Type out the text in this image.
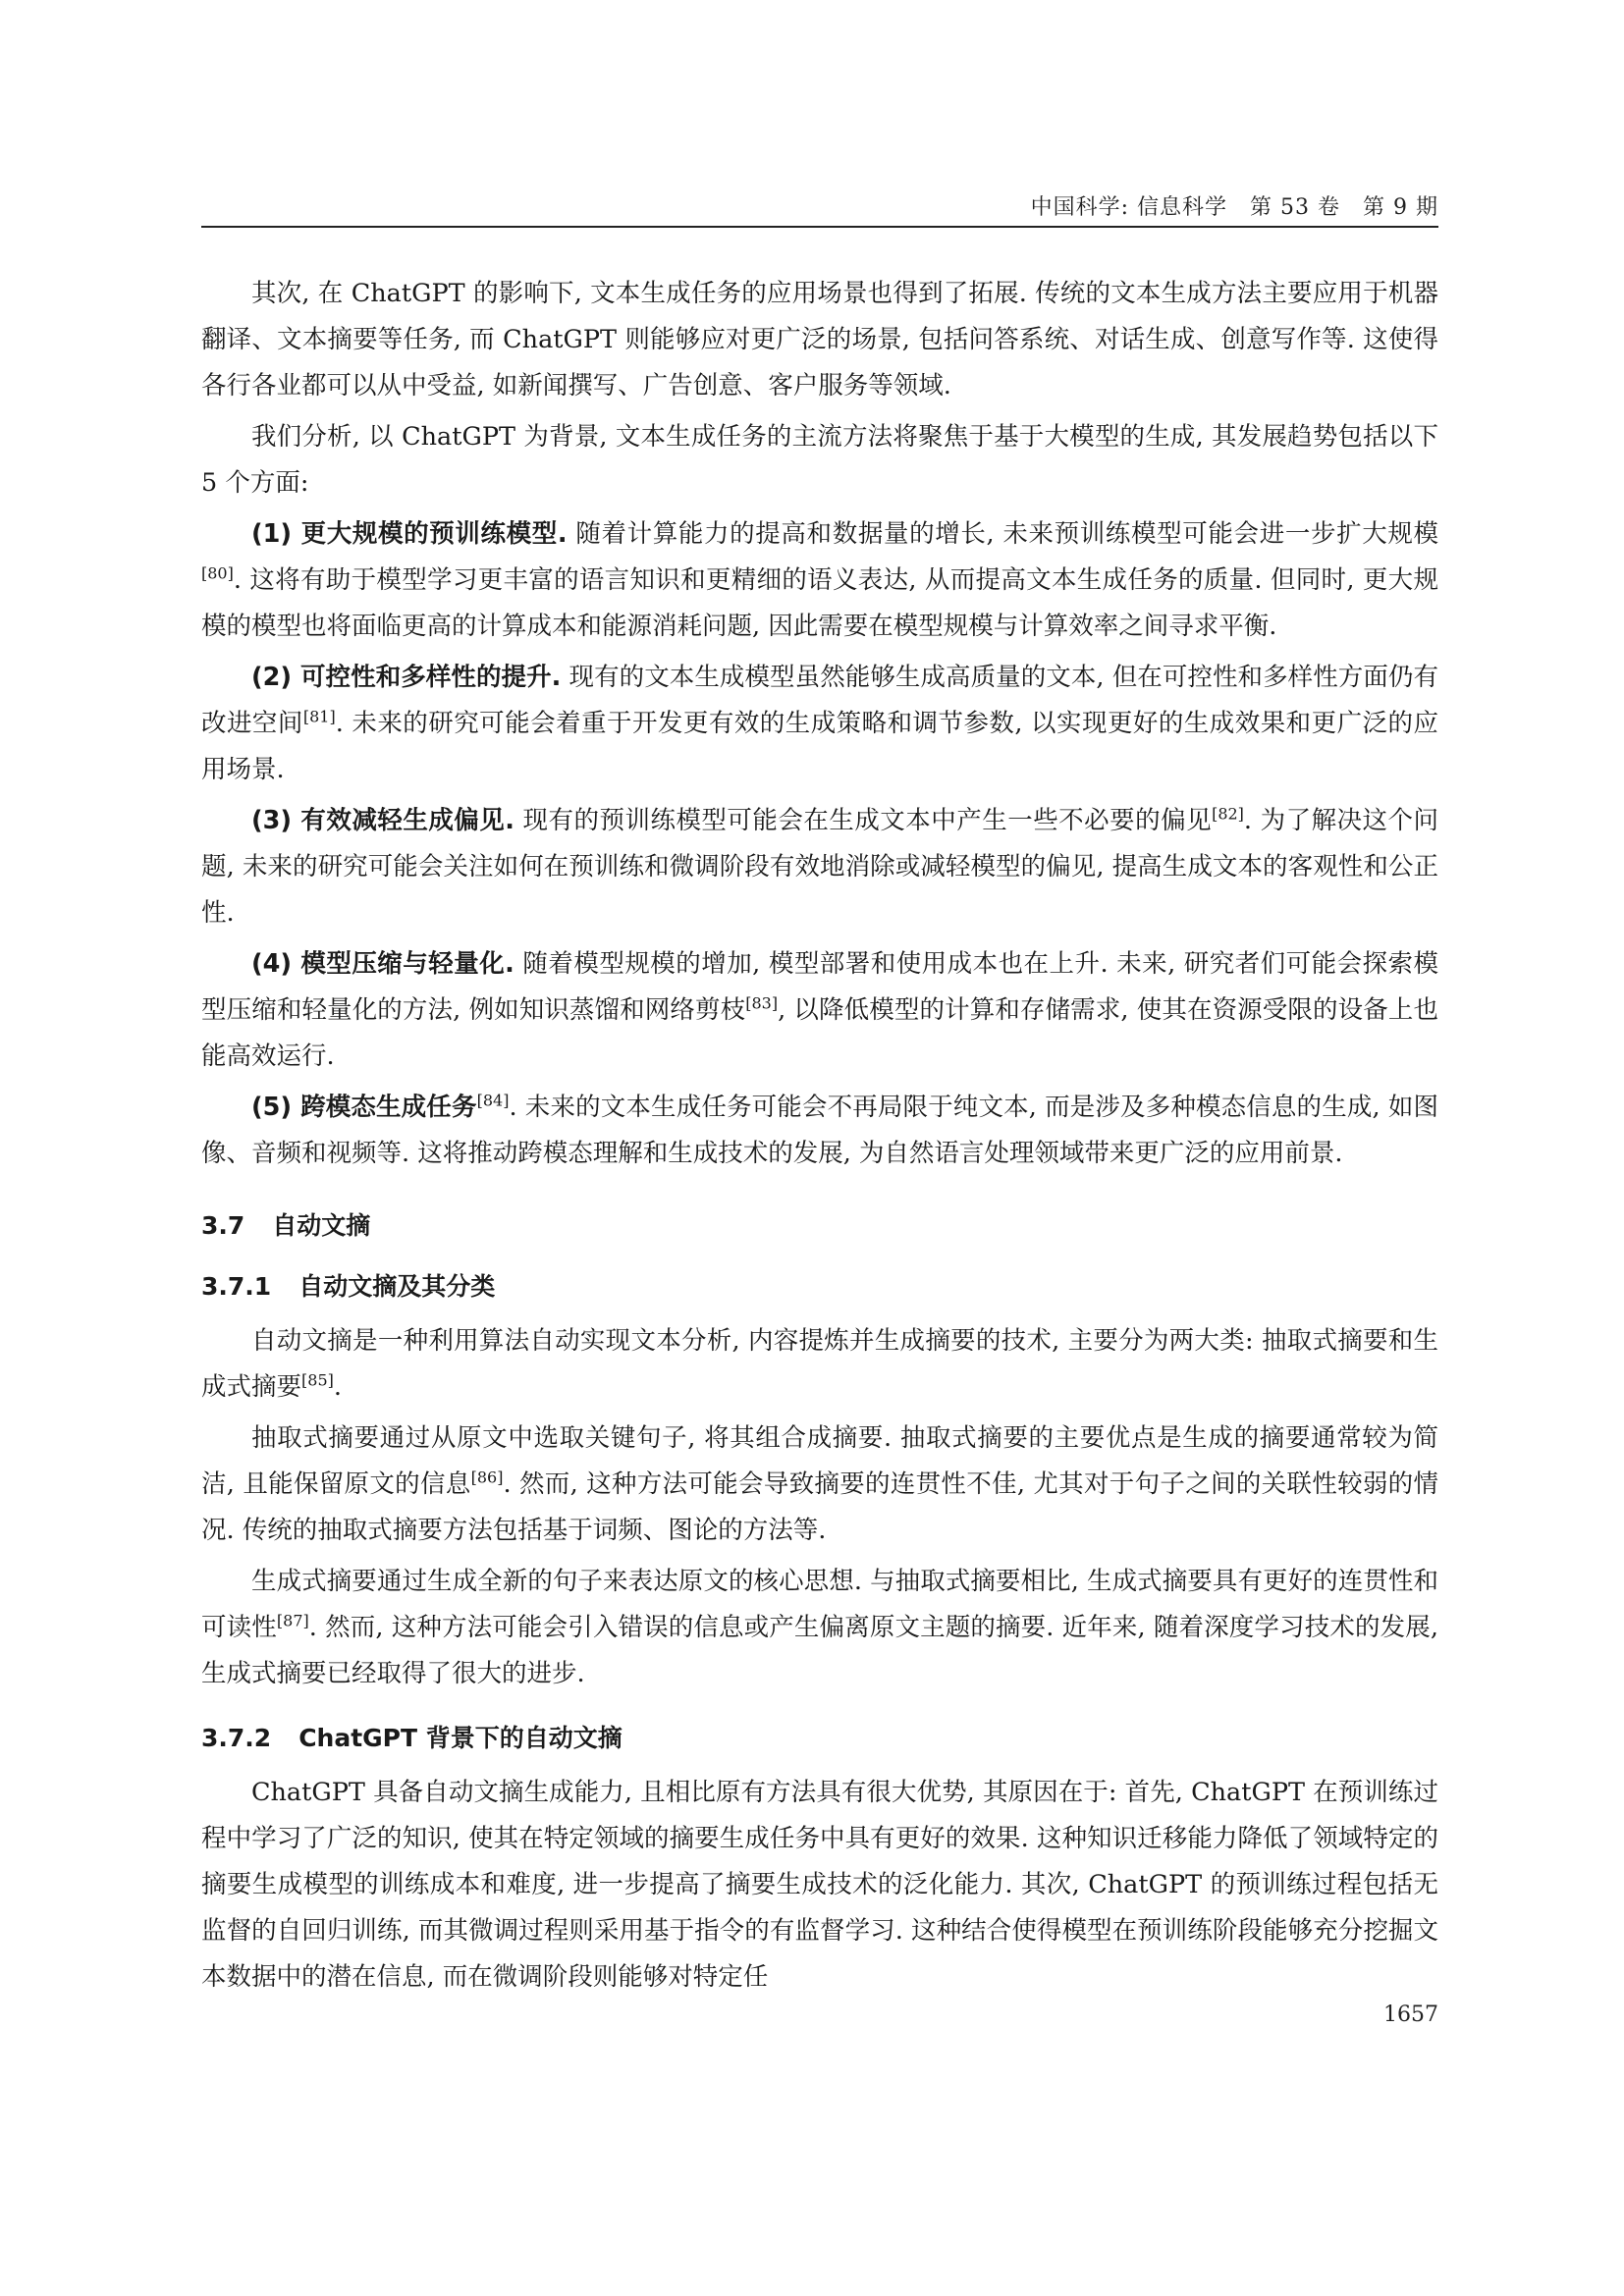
中国科学: 信息科学　第 53 卷　第 9 期

其次, 在 ChatGPT 的影响下, 文本生成任务的应用场景也得到了拓展. 传统的文本生成方法主要应用于机器翻译、文本摘要等任务, 而 ChatGPT 则能够应对更广泛的场景, 包括问答系统、对话生成、创意写作等. 这使得各行各业都可以从中受益, 如新闻撰写、广告创意、客户服务等领域.

我们分析, 以 ChatGPT 为背景, 文本生成任务的主流方法将聚焦于基于大模型的生成, 其发展趋势包括以下 5 个方面:

(1) 更大规模的预训练模型. 随着计算能力的提高和数据量的增长, 未来预训练模型可能会进一步扩大规模[80]. 这将有助于模型学习更丰富的语言知识和更精细的语义表达, 从而提高文本生成任务的质量. 但同时, 更大规模的模型也将面临更高的计算成本和能源消耗问题, 因此需要在模型规模与计算效率之间寻求平衡.

(2) 可控性和多样性的提升. 现有的文本生成模型虽然能够生成高质量的文本, 但在可控性和多样性方面仍有改进空间[81]. 未来的研究可能会着重于开发更有效的生成策略和调节参数, 以实现更好的生成效果和更广泛的应用场景.

(3) 有效减轻生成偏见. 现有的预训练模型可能会在生成文本中产生一些不必要的偏见[82]. 为了解决这个问题, 未来的研究可能会关注如何在预训练和微调阶段有效地消除或减轻模型的偏见, 提高生成文本的客观性和公正性.

(4) 模型压缩与轻量化. 随着模型规模的增加, 模型部署和使用成本也在上升. 未来, 研究者们可能会探索模型压缩和轻量化的方法, 例如知识蒸馏和网络剪枝[83], 以降低模型的计算和存储需求, 使其在资源受限的设备上也能高效运行.

(5) 跨模态生成任务[84]. 未来的文本生成任务可能会不再局限于纯文本, 而是涉及多种模态信息的生成, 如图像、音频和视频等. 这将推动跨模态理解和生成技术的发展, 为自然语言处理领域带来更广泛的应用前景.

3.7 自动文摘
3.7.1 自动文摘及其分类

自动文摘是一种利用算法自动实现文本分析, 内容提炼并生成摘要的技术, 主要分为两大类: 抽取式摘要和生成式摘要[85].

抽取式摘要通过从原文中选取关键句子, 将其组合成摘要. 抽取式摘要的主要优点是生成的摘要通常较为简洁, 且能保留原文的信息[86]. 然而, 这种方法可能会导致摘要的连贯性不佳, 尤其对于句子之间的关联性较弱的情况. 传统的抽取式摘要方法包括基于词频、图论的方法等.

生成式摘要通过生成全新的句子来表达原文的核心思想. 与抽取式摘要相比, 生成式摘要具有更好的连贯性和可读性[87]. 然而, 这种方法可能会引入错误的信息或产生偏离原文主题的摘要. 近年来, 随着深度学习技术的发展, 生成式摘要已经取得了很大的进步.

3.7.2 ChatGPT 背景下的自动文摘

ChatGPT 具备自动文摘生成能力, 且相比原有方法具有很大优势, 其原因在于: 首先, ChatGPT 在预训练过程中学习了广泛的知识, 使其在特定领域的摘要生成任务中具有更好的效果. 这种知识迁移能力降低了领域特定的摘要生成模型的训练成本和难度, 进一步提高了摘要生成技术的泛化能力. 其次, ChatGPT 的预训练过程包括无监督的自回归训练, 而其微调过程则采用基于指令的有监督学习. 这种结合使得模型在预训练阶段能够充分挖掘文本数据中的潜在信息, 而在微调阶段则能够对特定任

1657
